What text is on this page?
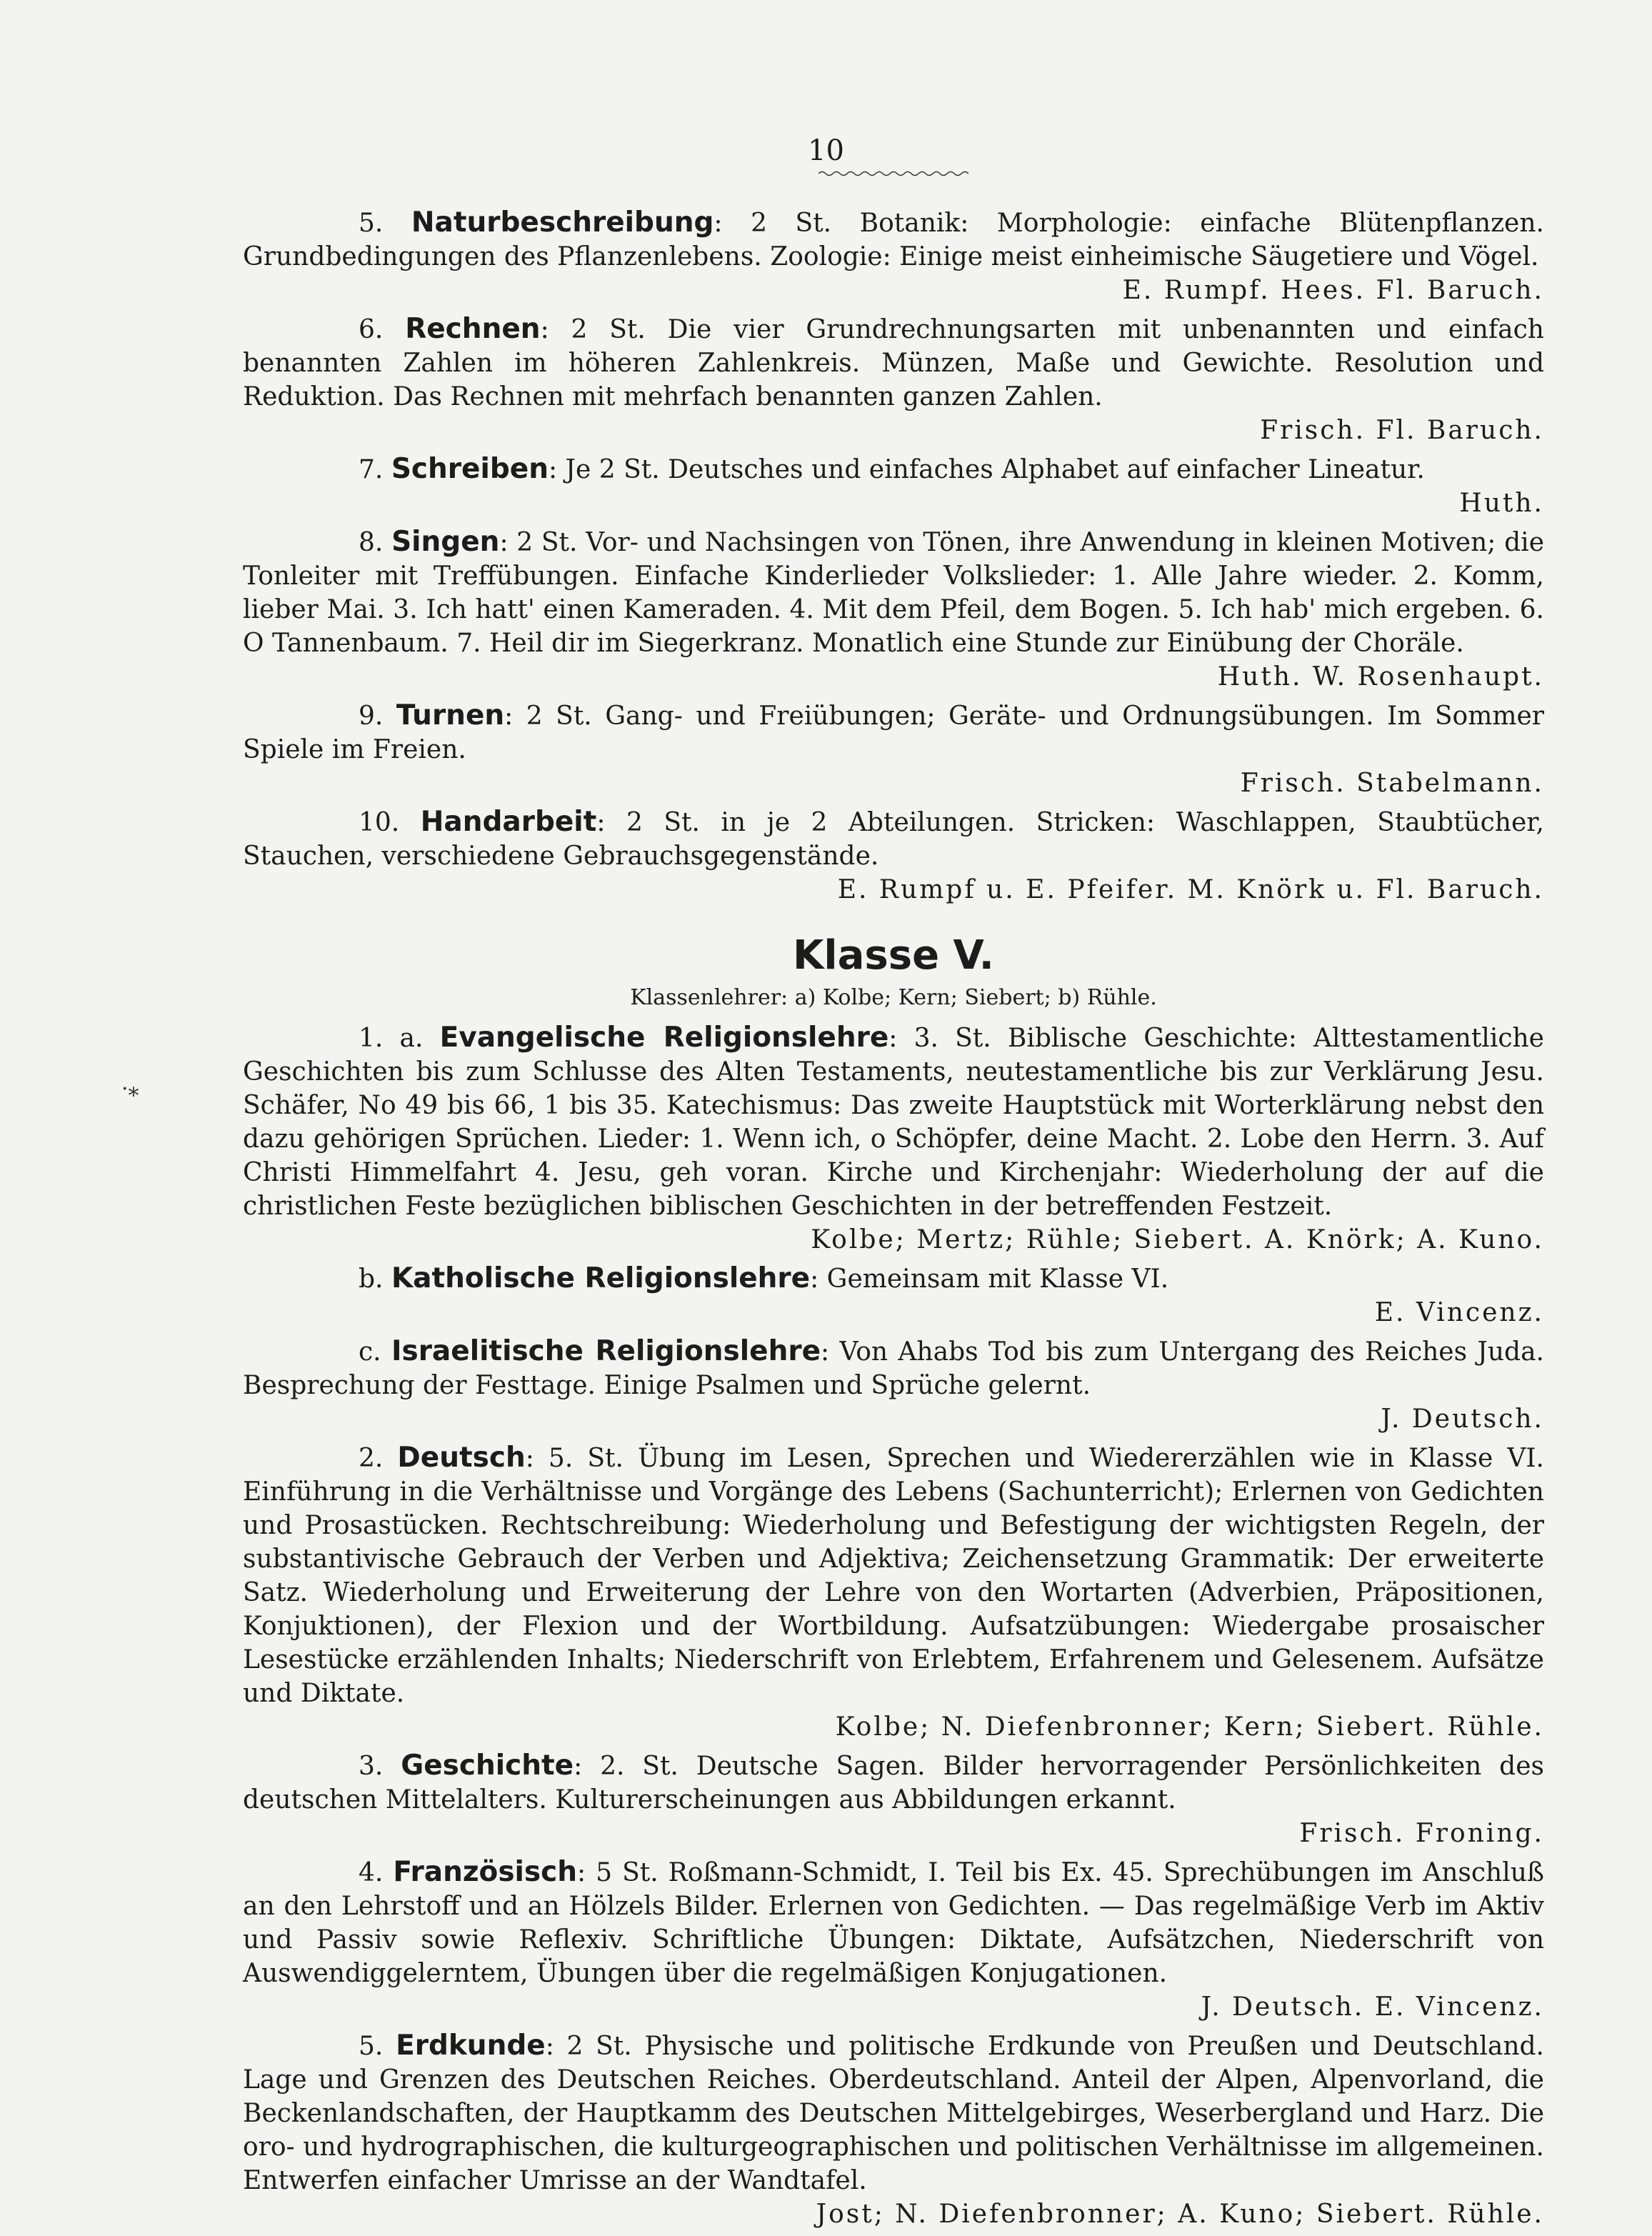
10
·⁎

5. Naturbeschreibung: 2 St. Botanik: Morphologie: einfache Blütenpflanzen. Grundbedingungen des Pflanzenlebens. Zoologie: Einige meist einheimische Säugetiere und Vögel.
E. Rumpf. Hees. Fl. Baruch.

6. Rechnen: 2 St. Die vier Grundrechnungsarten mit unbenannten und einfach benannten Zahlen im höheren Zahlenkreis. Münzen, Maße und Gewichte. Resolution und Reduktion. Das Rechnen mit mehrfach benannten ganzen Zahlen.
Frisch. Fl. Baruch.

7. Schreiben: Je 2 St. Deutsches und einfaches Alphabet auf einfacher Lineatur.
Huth.

8. Singen: 2 St. Vor- und Nachsingen von Tönen, ihre Anwendung in kleinen Motiven; die Tonleiter mit Treffübungen. Einfache Kinderlieder Volkslieder: 1. Alle Jahre wieder. 2. Komm, lieber Mai. 3. Ich hatt' einen Kameraden. 4. Mit dem Pfeil, dem Bogen. 5. Ich hab' mich ergeben. 6. O Tannenbaum. 7. Heil dir im Siegerkranz. Monatlich eine Stunde zur Einübung der Choräle.
Huth. W. Rosenhaupt.

9. Turnen: 2 St. Gang- und Freiübungen; Geräte- und Ordnungsübungen. Im Sommer Spiele im Freien.
Frisch. Stabelmann.

10. Handarbeit: 2 St. in je 2 Abteilungen. Stricken: Waschlappen, Staubtücher, Stauchen, verschiedene Gebrauchsgegenstände.
E. Rumpf u. E. Pfeifer. M. Knörk u. Fl. Baruch.

Klasse V.
Klassenlehrer: a) Kolbe; Kern; Siebert; b) Rühle.

1. a. Evangelische Religionslehre: 3. St. Biblische Geschichte: Alttestamentliche Geschichten bis zum Schlusse des Alten Testaments, neutestamentliche bis zur Verklärung Jesu. Schäfer, No 49 bis 66, 1 bis 35. Katechismus: Das zweite Hauptstück mit Worterklärung nebst den dazu gehörigen Sprüchen. Lieder: 1. Wenn ich, o Schöpfer, deine Macht. 2. Lobe den Herrn. 3. Auf Christi Himmelfahrt 4. Jesu, geh voran. Kirche und Kirchenjahr: Wiederholung der auf die christlichen Feste bezüglichen biblischen Geschichten in der betreffenden Festzeit.
Kolbe; Mertz; Rühle; Siebert. A. Knörk; A. Kuno.

b. Katholische Religionslehre: Gemeinsam mit Klasse VI.
E. Vincenz.

c. Israelitische Religionslehre: Von Ahabs Tod bis zum Untergang des Reiches Juda. Besprechung der Festtage. Einige Psalmen und Sprüche gelernt.
J. Deutsch.

2. Deutsch: 5. St. Übung im Lesen, Sprechen und Wiedererzählen wie in Klasse VI. Einführung in die Verhältnisse und Vorgänge des Lebens (Sachunterricht); Erlernen von Gedichten und Prosastücken. Rechtschreibung: Wiederholung und Befestigung der wichtigsten Regeln, der substantivische Gebrauch der Verben und Adjektiva; Zeichensetzung Grammatik: Der erweiterte Satz. Wiederholung und Erweiterung der Lehre von den Wortarten (Adverbien, Präpositionen, Konjuktionen), der Flexion und der Wortbildung. Aufsatzübungen: Wiedergabe prosaischer Lesestücke erzählenden Inhalts; Niederschrift von Erlebtem, Erfahrenem und Gelesenem. Aufsätze und Diktate.
Kolbe; N. Diefenbronner; Kern; Siebert. Rühle.

3. Geschichte: 2. St. Deutsche Sagen. Bilder hervorragender Persönlichkeiten des deutschen Mittelalters. Kulturerscheinungen aus Abbildungen erkannt.
Frisch. Froning.

4. Französisch: 5 St. Roßmann-Schmidt, I. Teil bis Ex. 45. Sprechübungen im Anschluß an den Lehrstoff und an Hölzels Bilder. Erlernen von Gedichten. — Das regelmäßige Verb im Aktiv und Passiv sowie Reflexiv. Schriftliche Übungen: Diktate, Aufsätzchen, Niederschrift von Auswendiggelerntem, Übungen über die regelmäßigen Konjugationen.
J. Deutsch. E. Vincenz.

5. Erdkunde: 2 St. Physische und politische Erdkunde von Preußen und Deutschland. Lage und Grenzen des Deutschen Reiches. Oberdeutschland. Anteil der Alpen, Alpenvorland, die Beckenlandschaften, der Hauptkamm des Deutschen Mittelgebirges, Weserbergland und Harz. Die oro- und hydrographischen, die kulturgeographischen und politischen Verhältnisse im allgemeinen. Entwerfen einfacher Umrisse an der Wandtafel.
Jost; N. Diefenbronner; A. Kuno; Siebert. Rühle.
